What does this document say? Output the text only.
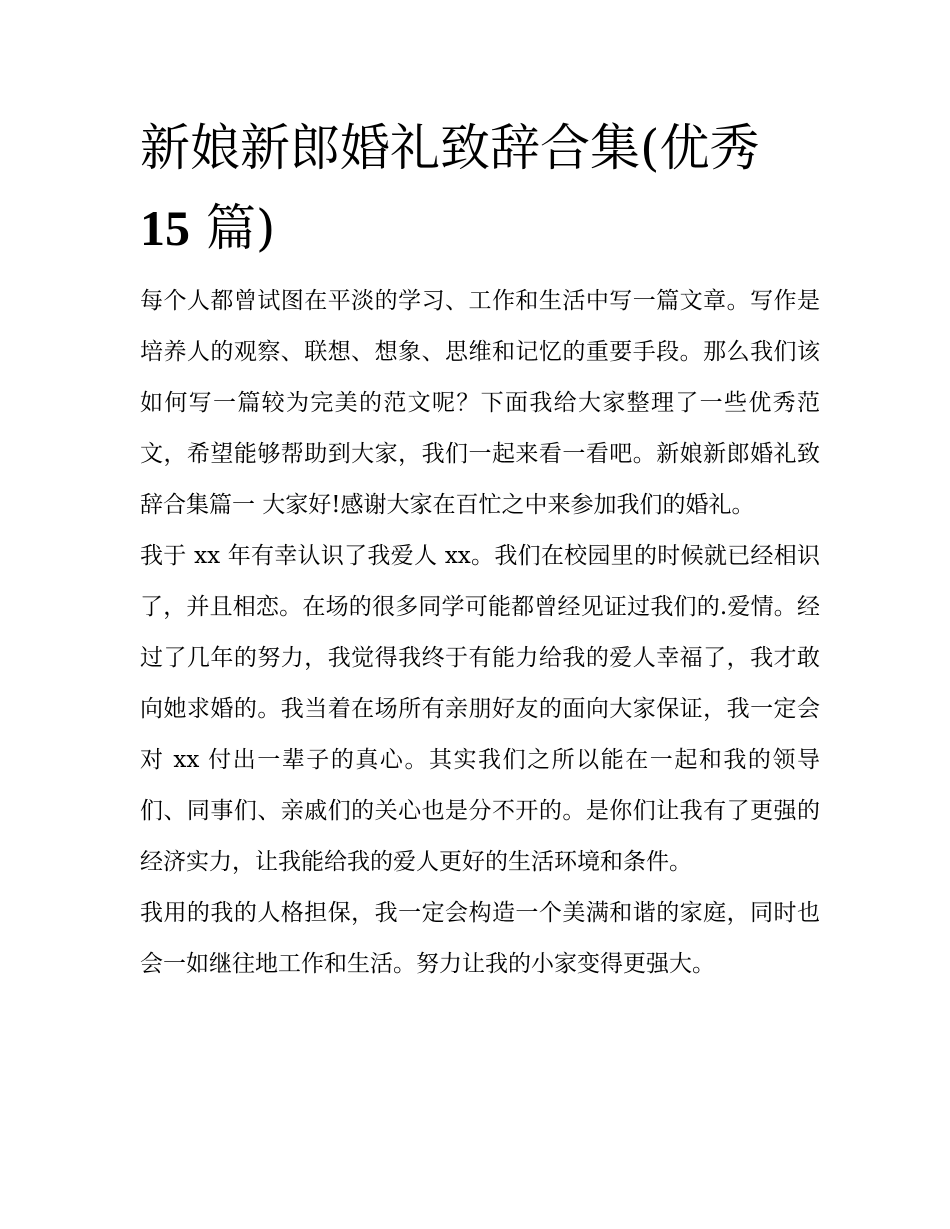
新娘新郎婚礼致辞合集(优秀
15 篇)

每个人都曾试图在平淡的学习、工作和生活中写一篇文章。写作是培养人的观察、联想、想象、思维和记忆的重要手段。那么我们该如何写一篇较为完美的范文呢？下面我给大家整理了一些优秀范文，希望能够帮助到大家，我们一起来看一看吧。新娘新郎婚礼致辞合集篇一 大家好!感谢大家在百忙之中来参加我们的婚礼。

我于 xx 年有幸认识了我爱人 xx。我们在校园里的时候就已经相识了，并且相恋。在场的很多同学可能都曾经见证过我们的.爱情。经过了几年的努力，我觉得我终于有能力给我的爱人幸福了，我才敢向她求婚的。我当着在场所有亲朋好友的面向大家保证，我一定会对 xx 付出一辈子的真心。其实我们之所以能在一起和我的领导们、同事们、亲戚们的关心也是分不开的。是你们让我有了更强的经济实力，让我能给我的爱人更好的生活环境和条件。

我用的我的人格担保，我一定会构造一个美满和谐的家庭，同时也会一如继往地工作和生活。努力让我的小家变得更强大。
